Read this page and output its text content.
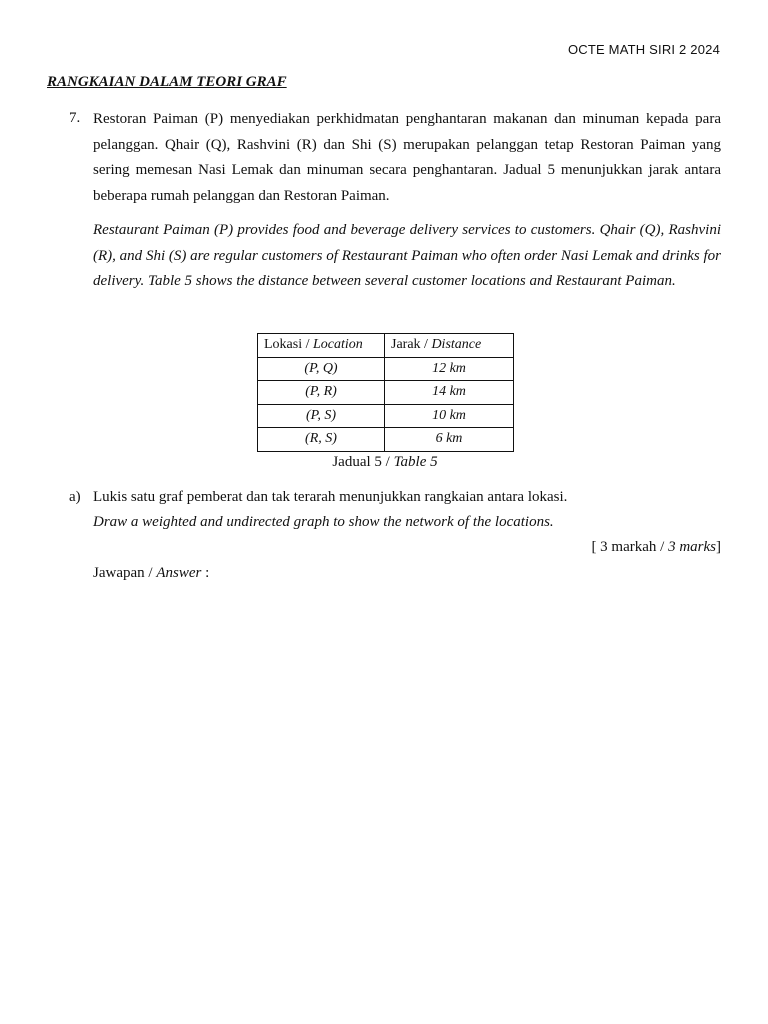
OCTE MATH SIRI 2 2024
RANGKAIAN DALAM TEORI GRAF
7. Restoran Paiman (P) menyediakan perkhidmatan penghantaran makanan dan minuman kepada para pelanggan. Qhair (Q), Rashvini (R) dan Shi (S) merupakan pelanggan tetap Restoran Paiman yang sering memesan Nasi Lemak dan minuman secara penghantaran. Jadual 5 menunjukkan jarak antara beberapa rumah pelanggan dan Restoran Paiman.
Restaurant Paiman (P) provides food and beverage delivery services to customers. Qhair (Q), Rashvini (R), and Shi (S) are regular customers of Restaurant Paiman who often order Nasi Lemak and drinks for delivery. Table 5 shows the distance between several customer locations and Restaurant Paiman.
Lokasi / Location	Jarak / Distance
(P, Q)	12 km
(P, R)	14 km
(P, S)	10 km
(R, S)	6 km
Jadual 5 / Table 5
a) Lukis satu graf pemberat dan tak terarah menunjukkan rangkaian antara lokasi.
Draw a weighted and undirected graph to show the network of the locations.
[ 3 markah / 3 marks]
Jawapan / Answer :
